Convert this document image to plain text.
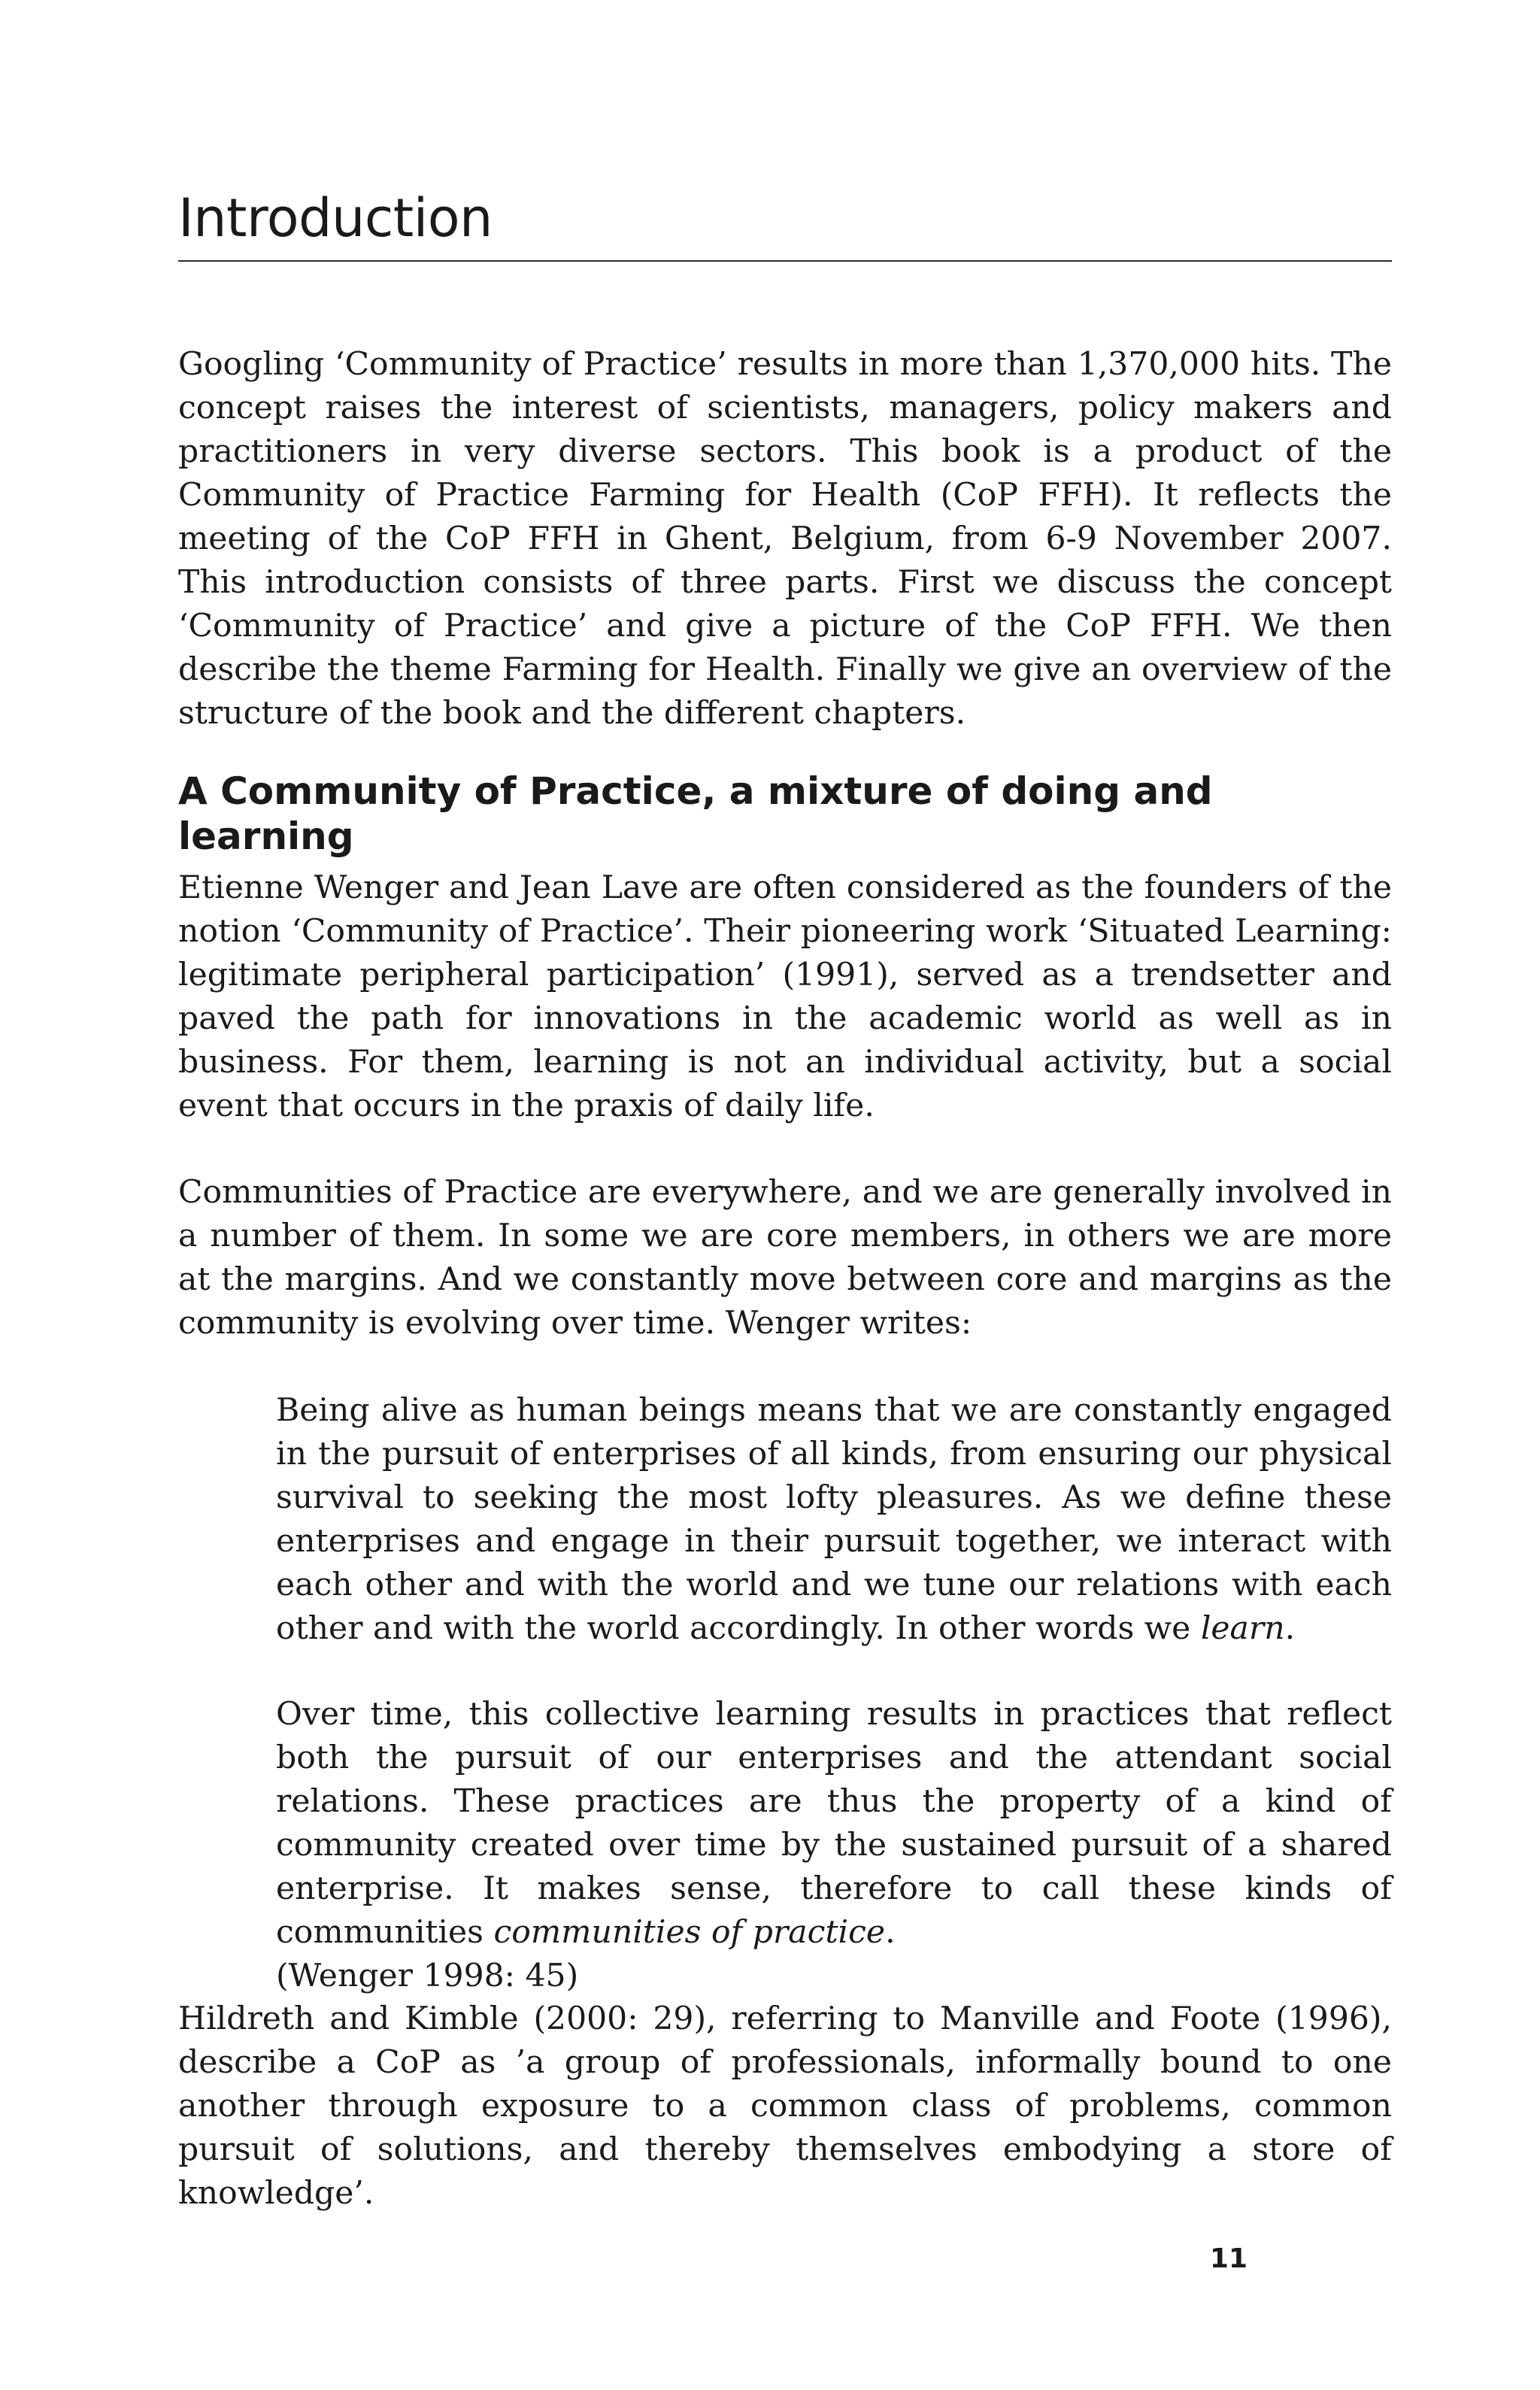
Introduction

Googling ‘Community of Practice’ results in more than 1,370,000 hits. The concept raises the interest of scientists, managers, policy makers and practitioners in very diverse sectors. This book is a product of the Community of Practice Farming for Health (CoP FFH). It reflects the meeting of the CoP FFH in Ghent, Belgium, from 6-9 November 2007. This introduction consists of three parts. First we discuss the concept ‘Community of Practice’ and give a picture of the CoP FFH. We then describe the theme Farming for Health. Finally we give an overview of the structure of the book and the different chapters.

A Community of Practice, a mixture of doing and learning

Etienne Wenger and Jean Lave are often considered as the founders of the notion ‘Community of Practice’. Their pioneering work ‘Situated Learning: legitimate peripheral participation’ (1991), served as a trendsetter and paved the path for innovations in the academic world as well as in business. For them, learning is not an individual activity, but a social event that occurs in the praxis of daily life.

Communities of Practice are everywhere, and we are generally involved in a number of them. In some we are core members, in others we are more at the margins. And we constantly move between core and margins as the community is evolving over time. Wenger writes:

Being alive as human beings means that we are constantly engaged in the pursuit of enterprises of all kinds, from ensuring our physical survival to seeking the most lofty pleasures. As we define these enterprises and engage in their pursuit together, we interact with each other and with the world and we tune our relations with each other and with the world accordingly. In other words we learn.

Over time, this collective learning results in practices that reflect both the pursuit of our enterprises and the attendant social relations. These practices are thus the property of a kind of community created over time by the sustained pursuit of a shared enterprise. It makes sense, therefore to call these kinds of communities communities of practice.
(Wenger 1998: 45)

Hildreth and Kimble (2000: 29), referring to Manville and Foote (1996), describe a CoP as ’a group of professionals, informally bound to one another through exposure to a common class of problems, common pursuit of solutions, and thereby themselves embodying a store of knowledge’.

11
